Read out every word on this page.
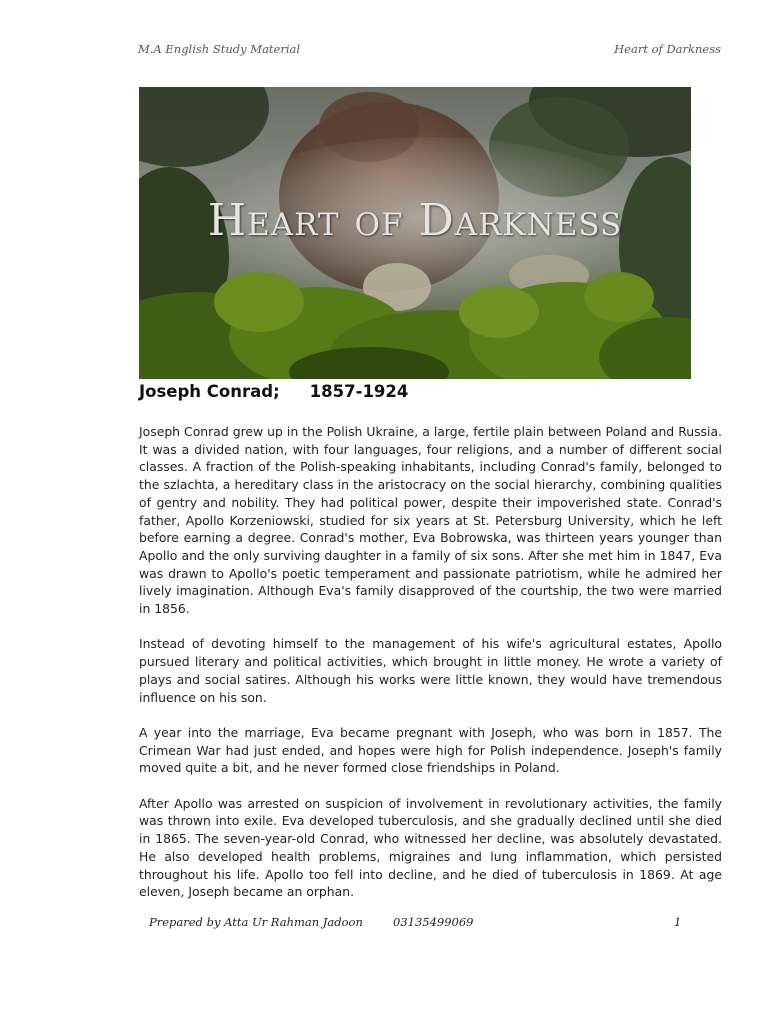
M.A English Study Material	Heart of Darkness
Heart of Darkness
Joseph Conrad; 1857-1924

Joseph Conrad grew up in the Polish Ukraine, a large, fertile plain between Poland and Russia. It was a divided nation, with four languages, four religions, and a number of different social classes. A fraction of the Polish-speaking inhabitants, including Conrad's family, belonged to the szlachta, a hereditary class in the aristocracy on the social hierarchy, combining qualities of gentry and nobility. They had political power, despite their impoverished state. Conrad's father, Apollo Korzeniowski, studied for six years at St. Petersburg University, which he left before earning a degree. Conrad's mother, Eva Bobrowska, was thirteen years younger than Apollo and the only surviving daughter in a family of six sons. After she met him in 1847, Eva was drawn to Apollo's poetic temperament and passionate patriotism, while he admired her lively imagination. Although Eva's family disapproved of the courtship, the two were married in 1856.

Instead of devoting himself to the management of his wife's agricultural estates, Apollo pursued literary and political activities, which brought in little money. He wrote a variety of plays and social satires. Although his works were little known, they would have tremendous influence on his son.

A year into the marriage, Eva became pregnant with Joseph, who was born in 1857. The Crimean War had just ended, and hopes were high for Polish independence. Joseph's family moved quite a bit, and he never formed close friendships in Poland.

After Apollo was arrested on suspicion of involvement in revolutionary activities, the family was thrown into exile. Eva developed tuberculosis, and she gradually declined until she died in 1865. The seven-year-old Conrad, who witnessed her decline, was absolutely devastated. He also developed health problems, migraines and lung inflammation, which persisted throughout his life. Apollo too fell into decline, and he died of tuberculosis in 1869. At age eleven, Joseph became an orphan.

Prepared by Atta Ur Rahman Jadoon	03135499069	1
